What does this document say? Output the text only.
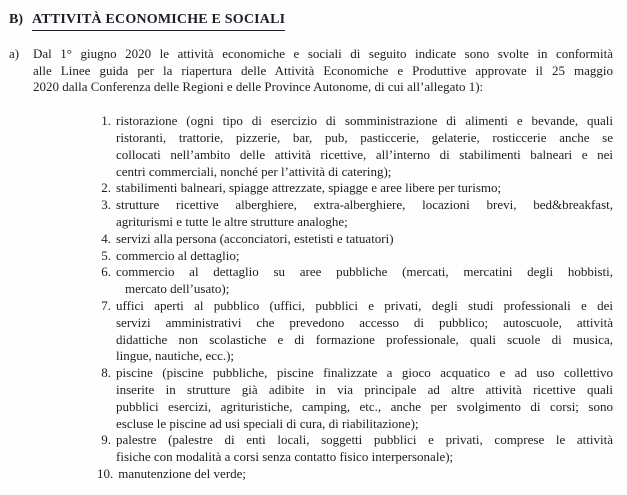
B) ATTIVITÀ ECONOMICHE E SOCIALI
a)	Dal 1° giugno 2020 le attività economiche e sociali di seguito indicate sono svolte in conformità
alle Linee guida per la riapertura delle Attività Economiche e Produttive approvate il 25 maggio
2020 dalla Conferenza delle Regioni e delle Province Autonome, di cui all’allegato 1):
1. ristorazione (ogni tipo di esercizio di somministrazione di alimenti e bevande, quali
ristoranti, trattorie, pizzerie, bar, pub, pasticcerie, gelaterie, rosticcerie anche se
collocati nell’ambito delle attività ricettive, all’interno di stabilimenti balneari e nei
centri commerciali, nonché per l’attività di catering);
2. stabilimenti balneari, spiagge attrezzate, spiagge e aree libere per turismo;
3. strutture ricettive alberghiere, extra-alberghiere, locazioni brevi, bed&breakfast,
agriturismi e tutte le altre strutture analoghe;
4. servizi alla persona (acconciatori, estetisti e tatuatori)
5. commercio al dettaglio;
6. commercio al dettaglio su aree pubbliche (mercati, mercatini degli hobbisti,
mercato dell’usato);
7. uffici aperti al pubblico (uffici, pubblici e privati, degli studi professionali e dei
servizi amministrativi che prevedono accesso di pubblico; autoscuole, attività
didattiche non scolastiche e di formazione professionale, quali scuole di musica,
lingue, nautiche, ecc.);
8. piscine (piscine pubbliche, piscine finalizzate a gioco acquatico e ad uso collettivo
inserite in strutture già adibite in via principale ad altre attività ricettive quali
pubblici esercizi, agrituristiche, camping, etc., anche per svolgimento di corsi; sono
escluse le piscine ad usi speciali di cura, di riabilitazione);
9. palestre (palestre di enti locali, soggetti pubblici e privati, comprese le attività
fisiche con modalità a corsi senza contatto fisico interpersonale);
10. manutenzione del verde;
